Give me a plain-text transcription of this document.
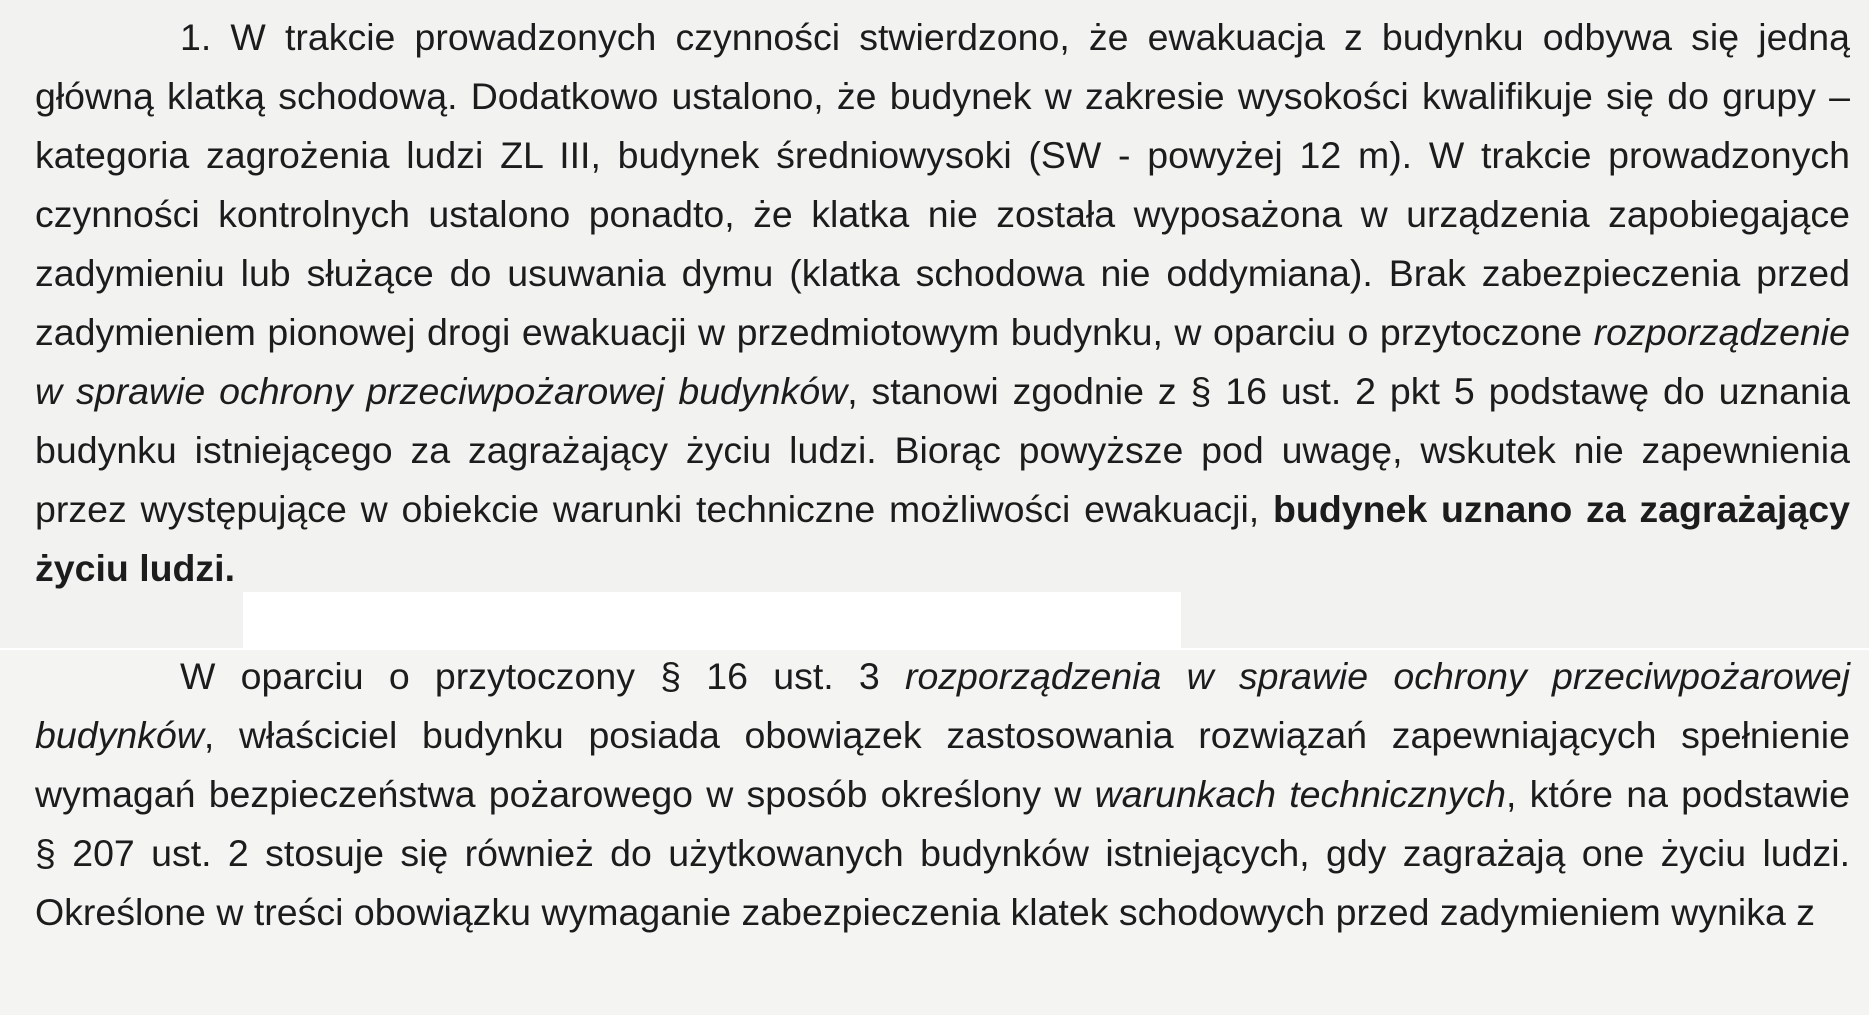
1. W trakcie prowadzonych czynności stwierdzono, że ewakuacja z budynku odbywa się jedną główną klatką schodową. Dodatkowo ustalono, że budynek w zakresie wysokości kwalifikuje się do grupy – kategoria zagrożenia ludzi ZL III, budynek średniowysoki (SW - powyżej 12 m). W trakcie prowadzonych czynności kontrolnych ustalono ponadto, że klatka nie została wyposażona w urządzenia zapobiegające zadymieniu lub służące do usuwania dymu (klatka schodowa nie oddymiana). Brak zabezpieczenia przed zadymieniem pionowej drogi ewakuacji w przedmiotowym budynku, w oparciu o przytoczone rozporządzenie w sprawie ochrony przeciwpożarowej budynków, stanowi zgodnie z § 16 ust. 2 pkt 5 podstawę do uznania budynku istniejącego za zagrażający życiu ludzi. Biorąc powyższe pod uwagę, wskutek nie zapewnienia przez występujące w obiekcie warunki techniczne możliwości ewakuacji, budynek uznano za zagrażający życiu ludzi.

W oparciu o przytoczony § 16 ust. 3 rozporządzenia w sprawie ochrony przeciwpożarowej budynków, właściciel budynku posiada obowiązek zastosowania rozwiązań zapewniających spełnienie wymagań bezpieczeństwa pożarowego w sposób określony w warunkach technicznych, które na podstawie § 207 ust. 2 stosuje się również do użytkowanych budynków istniejących, gdy zagrażają one życiu ludzi. Określone w treści obowiązku wymaganie zabezpieczenia klatek schodowych przed zadymieniem wynika z
